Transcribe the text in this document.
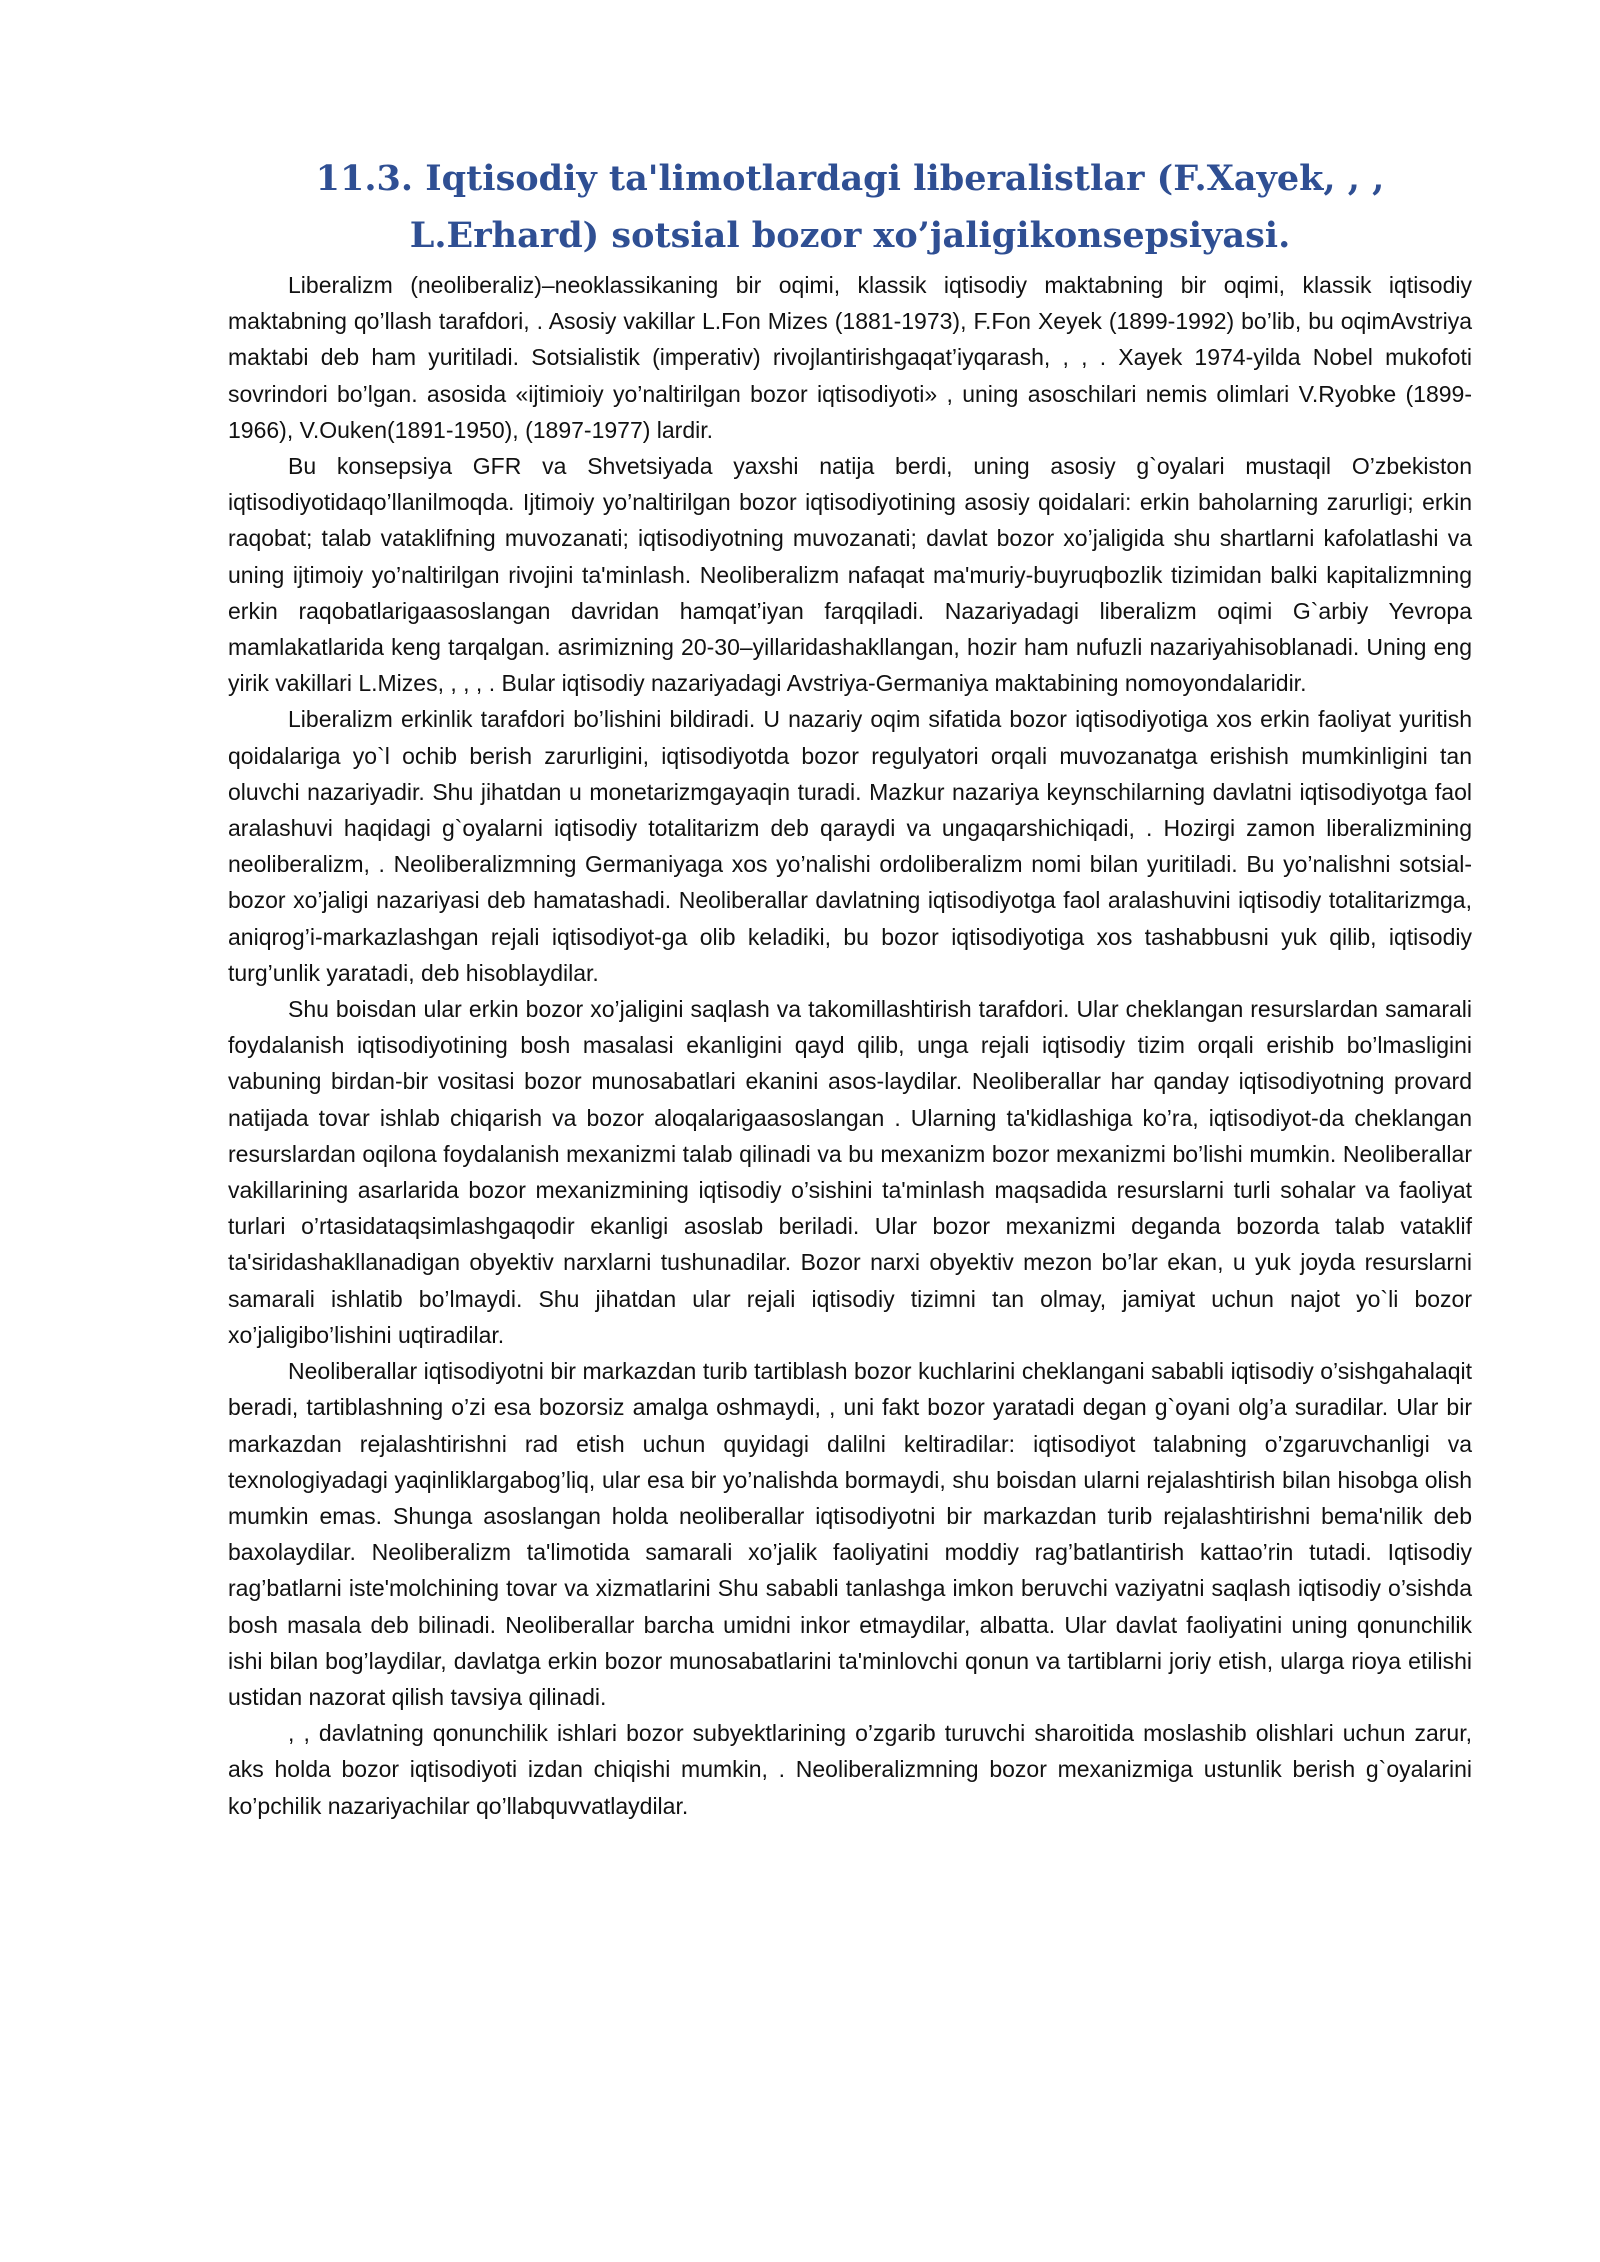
11.3. Iqtisodiy ta'limotlardagi liberalistlar (F.Xayek, , ,
L.Erhard) sotsial bozor xo’jaligikonsepsiyasi.

Liberalizm (neoliberaliz)–neoklassikaning bir oqimi, klassik iqtisodiy maktabning bir oqimi, klassik iqtisodiy maktabning qo’llash tarafdori, . Asosiy vakillar L.Fon Mizes (1881-1973), F.Fon Xeyek (1899-1992) bo’lib, bu oqimAvstriya maktabi deb ham yuritiladi. Sotsialistik (imperativ) rivojlantirishgaqat’iyqarash, , , . Xayek 1974-yilda Nobel mukofoti sovrindori bo’lgan. asosida «ijtimioiy yo’naltirilgan bozor iqtisodiyoti» , uning asoschilari nemis olimlari V.Ryobke (1899-1966), V.Ouken(1891-1950), (1897-1977) lardir.

Bu konsepsiya GFR va Shvetsiyada yaxshi natija berdi, uning asosiy g`oyalari mustaqil O’zbekiston iqtisodiyotidaqo’llanilmoqda. Ijtimoiy yo’naltirilgan bozor iqtisodiyotining asosiy qoidalari: erkin baholarning zarurligi; erkin raqobat; talab vataklifning muvozanati; iqtisodiyotning muvozanati; davlat bozor xo’jaligida shu shartlarni kafolatlashi va uning ijtimoiy yo’naltirilgan rivojini ta'minlash. Neoliberalizm nafaqat ma'muriy-buyruqbozlik tizimidan balki kapitalizmning erkin raqobatlarigaasoslangan davridan hamqat’iyan farqqiladi. Nazariyadagi liberalizm oqimi G`arbiy Yevropa mamlakatlarida keng tarqalgan. asrimizning 20-30–yillaridashakllangan, hozir ham nufuzli nazariyahisoblanadi. Uning eng yirik vakillari L.Mizes, , , , . Bular iqtisodiy nazariyadagi Avstriya-Germaniya maktabining nomoyondalaridir.

Liberalizm erkinlik tarafdori bo’lishini bildiradi. U nazariy oqim sifatida bozor iqtisodiyotiga xos erkin faoliyat yuritish qoidalariga yo`l ochib berish zarurligini, iqtisodiyotda bozor regulyatori orqali muvozanatga erishish mumkinligini tan oluvchi nazariyadir. Shu jihatdan u monetarizmgayaqin turadi. Mazkur nazariya keynschilarning davlatni iqtisodiyotga faol aralashuvi haqidagi g`oyalarni iqtisodiy totalitarizm deb qaraydi va ungaqarshichiqadi, . Hozirgi zamon liberalizmining neoliberalizm, . Neoliberalizmning Germaniyaga xos yo’nalishi ordoliberalizm nomi bilan yuritiladi. Bu yo’nalishni sotsial-bozor xo’jaligi nazariyasi deb hamatashadi. Neoliberallar davlatning iqtisodiyotga faol aralashuvini iqtisodiy totalitarizmga, aniqrog’i-markazlashgan rejali iqtisodiyot-ga olib keladiki, bu bozor iqtisodiyotiga xos tashabbusni yuk qilib, iqtisodiy turg’unlik yaratadi, deb hisoblaydilar.

Shu boisdan ular erkin bozor xo’jaligini saqlash va takomillashtirish tarafdori. Ular cheklangan resurslardan samarali foydalanish iqtisodiyotining bosh masalasi ekanligini qayd qilib, unga rejali iqtisodiy tizim orqali erishib bo’lmasligini vabuning birdan-bir vositasi bozor munosabatlari ekanini asos-laydilar. Neoliberallar har qanday iqtisodiyotning provard natijada tovar ishlab chiqarish va bozor aloqalarigaasoslangan . Ularning ta'kidlashiga ko’ra, iqtisodiyot-da cheklangan resurslardan oqilona foydalanish mexanizmi talab qilinadi va bu mexanizm bozor mexanizmi bo’lishi mumkin. Neoliberallar vakillarining asarlarida bozor mexanizmining iqtisodiy o’sishini ta'minlash maqsadida resurslarni turli sohalar va faoliyat turlari o’rtasidataqsimlashgaqodir ekanligi asoslab beriladi. Ular bozor mexanizmi deganda bozorda talab vataklif ta'siridashakllanadigan obyektiv narxlarni tushunadilar. Bozor narxi obyektiv mezon bo’lar ekan, u yuk joyda resurslarni samarali ishlatib bo’lmaydi. Shu jihatdan ular rejali iqtisodiy tizimni tan olmay, jamiyat uchun najot yo`li bozor xo’jaligibo’lishini uqtiradilar.

Neoliberallar iqtisodiyotni bir markazdan turib tartiblash bozor kuchlarini cheklangani sababli iqtisodiy o’sishgahalaqit beradi, tartiblashning o’zi esa bozorsiz amalga oshmaydi, , uni fakt bozor yaratadi degan g`oyani olg’a suradilar. Ular bir markazdan rejalashtirishni rad etish uchun quyidagi dalilni keltiradilar: iqtisodiyot talabning o’zgaruvchanligi va texnologiyadagi yaqinliklargabog’liq, ular esa bir yo’nalishda bormaydi, shu boisdan ularni rejalashtirish bilan hisobga olish mumkin emas. Shunga asoslangan holda neoliberallar iqtisodiyotni bir markazdan turib rejalashtirishni bema'nilik deb baxolaydilar. Neoliberalizm ta'limotida samarali xo’jalik faoliyatini moddiy rag’batlantirish kattao’rin tutadi. Iqtisodiy rag’batlarni iste'molchining tovar va xizmatlarini Shu sababli tanlashga imkon beruvchi vaziyatni saqlash iqtisodiy o’sishda bosh masala deb bilinadi. Neoliberallar barcha umidni inkor etmaydilar, albatta. Ular davlat faoliyatini uning qonunchilik ishi bilan bog’laydilar, davlatga erkin bozor munosabatlarini ta'minlovchi qonun va tartiblarni joriy etish, ularga rioya etilishi ustidan nazorat qilish tavsiya qilinadi.

, , davlatning qonunchilik ishlari bozor subyektlarining o’zgarib turuvchi sharoitida moslashib olishlari uchun zarur, aks holda bozor iqtisodiyoti izdan chiqishi mumkin, . Neoliberalizmning bozor mexanizmiga ustunlik berish g`oyalarini ko’pchilik nazariyachilar qo’llabquvvatlaydilar.
